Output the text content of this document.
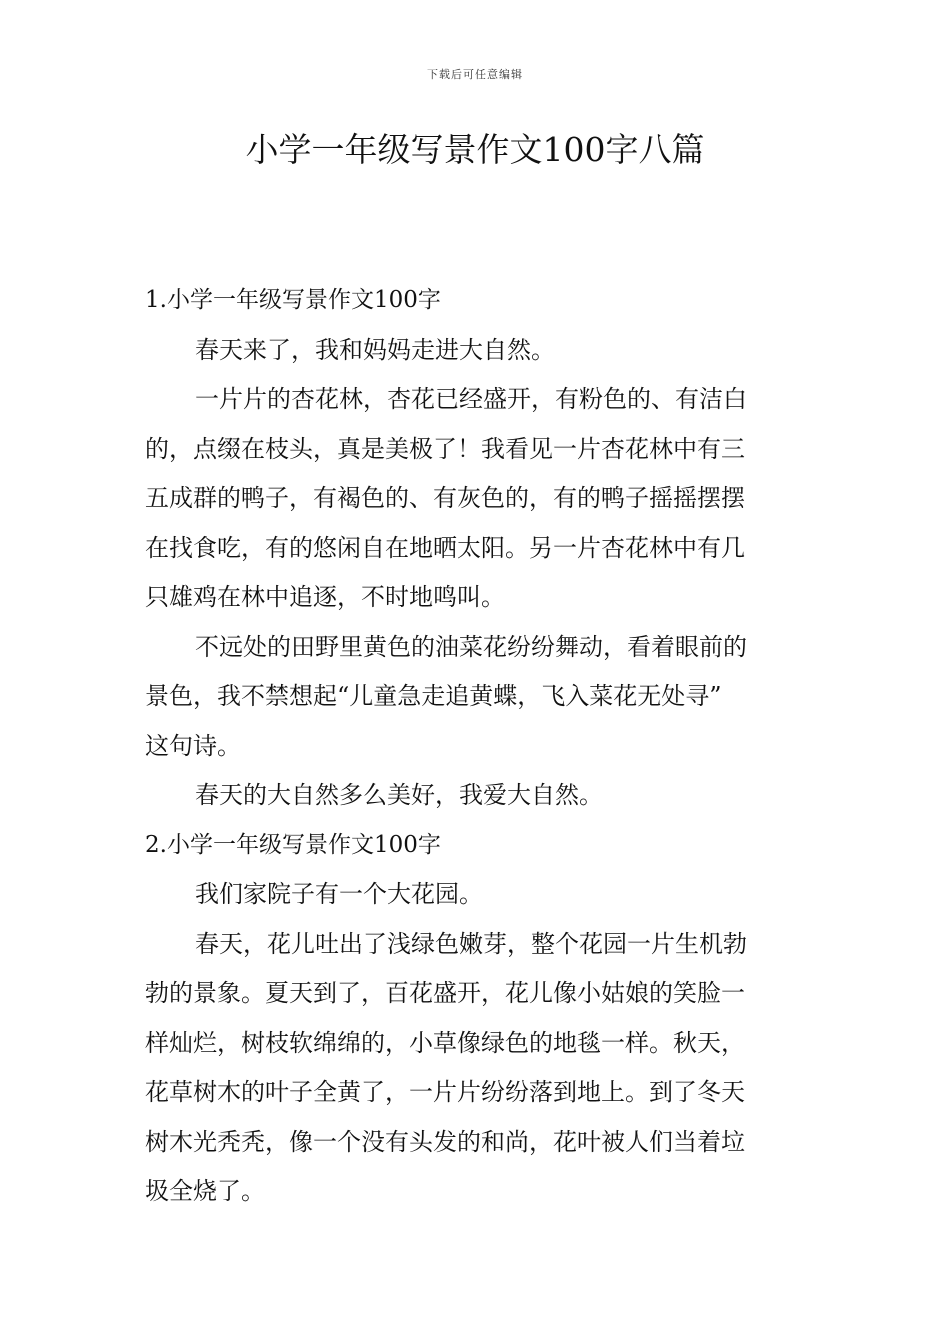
下载后可任意编辑
小学一年级写景作文100字八篇
1.小学一年级写景作文100字
春天来了，我和妈妈走进大自然。
一片片的杏花林，杏花已经盛开，有粉色的、有洁白
的，点缀在枝头，真是美极了！我看见一片杏花林中有三
五成群的鸭子，有褐色的、有灰色的，有的鸭子摇摇摆摆
在找食吃，有的悠闲自在地晒太阳。另一片杏花林中有几
只雄鸡在林中追逐，不时地鸣叫。
不远处的田野里黄色的油菜花纷纷舞动，看着眼前的
景色，我不禁想起“儿童急走追黄蝶，飞入菜花无处寻”
这句诗。
春天的大自然多么美好，我爱大自然。
2.小学一年级写景作文100字
我们家院子有一个大花园。
春天，花儿吐出了浅绿色嫩芽，整个花园一片生机勃
勃的景象。夏天到了，百花盛开，花儿像小姑娘的笑脸一
样灿烂，树枝软绵绵的，小草像绿色的地毯一样。秋天，
花草树木的叶子全黄了，一片片纷纷落到地上。到了冬天
树木光秃秃，像一个没有头发的和尚，花叶被人们当着垃
圾全烧了。
